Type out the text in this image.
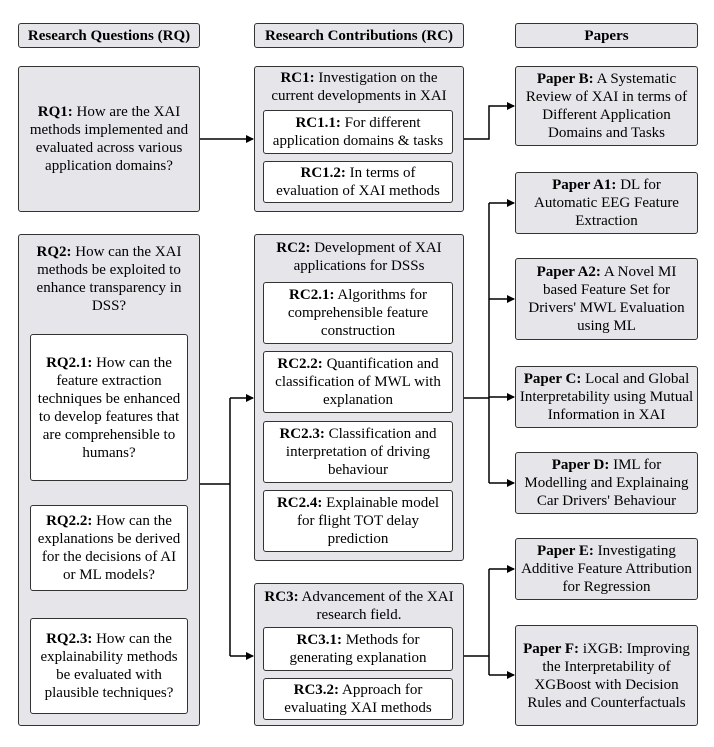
Research Questions (RQ)	Research Contributions (RC)	Papers
RQ1: How are the XAI methods implemented and evaluated across various application domains?
RQ2: How can the XAI methods be exploited to enhance transparency in DSS?
RQ2.1: How can the feature extraction techniques be enhanced to develop features that are comprehensible to humans?
RQ2.2: How can the explanations be derived for the decisions of AI or ML models?
RQ2.3: How can the explainability methods be evaluated with plausible techniques?
RC1: Investigation on the current developments in XAI
RC1.1: For different application domains & tasks
RC1.2: In terms of evaluation of XAI methods
RC2: Development of XAI applications for DSSs
RC2.1: Algorithms for comprehensible feature construction
RC2.2: Quantification and classification of MWL with explanation
RC2.3: Classification and interpretation of driving behaviour
RC2.4: Explainable model for flight TOT delay prediction
RC3: Advancement of the XAI research field.
RC3.1: Methods for generating explanation
RC3.2: Approach for evaluating XAI methods
Paper B: A Systematic Review of XAI in terms of Different Application Domains and Tasks
Paper A1: DL for Automatic EEG Feature Extraction
Paper A2: A Novel MI based Feature Set for Drivers' MWL Evaluation using ML
Paper C: Local and Global Interpretability using Mutual Information in XAI
Paper D: IML for Modelling and Explainaing Car Drivers' Behaviour
Paper E: Investigating Additive Feature Attribution for Regression
Paper F: iXGB: Improving the Interpretability of XGBoost with Decision Rules and Counterfactuals
